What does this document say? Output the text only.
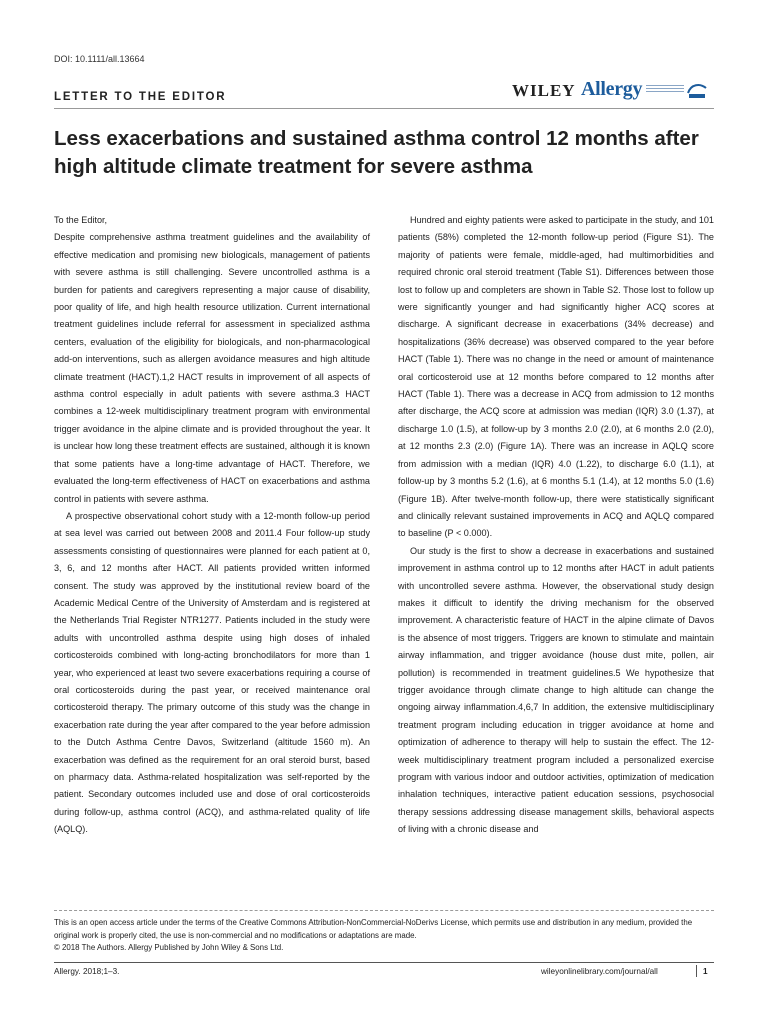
DOI: 10.1111/all.13664
LETTER TO THE EDITOR	WILEY Allergy
Less exacerbations and sustained asthma control 12 months after high altitude climate treatment for severe asthma

To the Editor,

Despite comprehensive asthma treatment guidelines and the availability of effective medication and promising new biologicals, management of patients with severe asthma is still challenging. Severe uncontrolled asthma is a burden for patients and caregivers representing a major cause of disability, poor quality of life, and high health resource utilization. Current international treatment guidelines include referral for assessment in specialized asthma centers, evaluation of the eligibility for biologicals, and non-pharmacological add-on interventions, such as allergen avoidance measures and high altitude climate treatment (HACT).1,2 HACT results in improvement of all aspects of asthma control especially in adult patients with severe asthma.3 HACT combines a 12-week multidisciplinary treatment program with environmental trigger avoidance in the alpine climate and is provided throughout the year. It is unclear how long these treatment effects are sustained, although it is known that some patients have a long-time advantage of HACT. Therefore, we evaluated the long-term effectiveness of HACT on exacerbations and asthma control in patients with severe asthma.

A prospective observational cohort study with a 12-month follow-up period at sea level was carried out between 2008 and 2011.4 Four follow-up study assessments consisting of questionnaires were planned for each patient at 0, 3, 6, and 12 months after HACT. All patients provided written informed consent. The study was approved by the institutional review board of the Academic Medical Centre of the University of Amsterdam and is registered at the Netherlands Trial Register NTR1277. Patients included in the study were adults with uncontrolled asthma despite using high doses of inhaled corticosteroids combined with long-acting bronchodilators for more than 1 year, who experienced at least two severe exacerbations requiring a course of oral corticosteroids during the past year, or received maintenance oral corticosteroid therapy. The primary outcome of this study was the change in exacerbation rate during the year after compared to the year before admission to the Dutch Asthma Centre Davos, Switzerland (altitude 1560 m). An exacerbation was defined as the requirement for an oral steroid burst, based on pharmacy data. Asthma-related hospitalization was self-reported by the patient. Secondary outcomes included use and dose of oral corticosteroids during follow-up, asthma control (ACQ), and asthma-related quality of life (AQLQ).

Hundred and eighty patients were asked to participate in the study, and 101 patients (58%) completed the 12-month follow-up period (Figure S1). The majority of patients were female, middle-aged, had multimorbidities and required chronic oral steroid treatment (Table S1). Differences between those lost to follow up and completers are shown in Table S2. Those lost to follow up were significantly younger and had significantly higher ACQ scores at discharge. A significant decrease in exacerbations (34% decrease) and hospitalizations (36% decrease) was observed compared to the year before HACT (Table 1). There was no change in the need or amount of maintenance oral corticosteroid use at 12 months before compared to 12 months after HACT (Table 1). There was a decrease in ACQ from admission to 12 months after discharge, the ACQ score at admission was median (IQR) 3.0 (1.37), at discharge 1.0 (1.5), at follow-up by 3 months 2.0 (2.0), at 6 months 2.0 (2.0), at 12 months 2.3 (2.0) (Figure 1A). There was an increase in AQLQ score from admission with a median (IQR) 4.0 (1.22), to discharge 6.0 (1.1), at follow-up by 3 months 5.2 (1.6), at 6 months 5.1 (1.4), at 12 months 5.0 (1.6) (Figure 1B). After twelve-month follow-up, there were statistically significant and clinically relevant sustained improvements in ACQ and AQLQ compared to baseline (P < 0.000).

Our study is the first to show a decrease in exacerbations and sustained improvement in asthma control up to 12 months after HACT in adult patients with uncontrolled severe asthma. However, the observational study design makes it difficult to identify the driving mechanism for the observed improvement. A characteristic feature of HACT in the alpine climate of Davos is the absence of most triggers. Triggers are known to stimulate and maintain airway inflammation, and trigger avoidance (house dust mite, pollen, air pollution) is recommended in treatment guidelines.5 We hypothesize that trigger avoidance through climate change to high altitude can change the ongoing airway inflammation.4,6,7 In addition, the extensive multidisciplinary treatment program including education in trigger avoidance at home and optimization of adherence to therapy will help to sustain the effect. The 12-week multidisciplinary treatment program included a personalized exercise program with various indoor and outdoor activities, optimization of medication inhalation techniques, interactive patient education sessions, psychosocial therapy sessions addressing disease management skills, behavioral aspects of living with a chronic disease and

This is an open access article under the terms of the Creative Commons Attribution-NonCommercial-NoDerivs License, which permits use and distribution in any medium, provided the original work is properly cited, the use is non-commercial and no modifications or adaptations are made.

© 2018 The Authors. Allergy Published by John Wiley & Sons Ltd.

Allergy. 2018;1–3.	wileyonlinelibrary.com/journal/all	1
